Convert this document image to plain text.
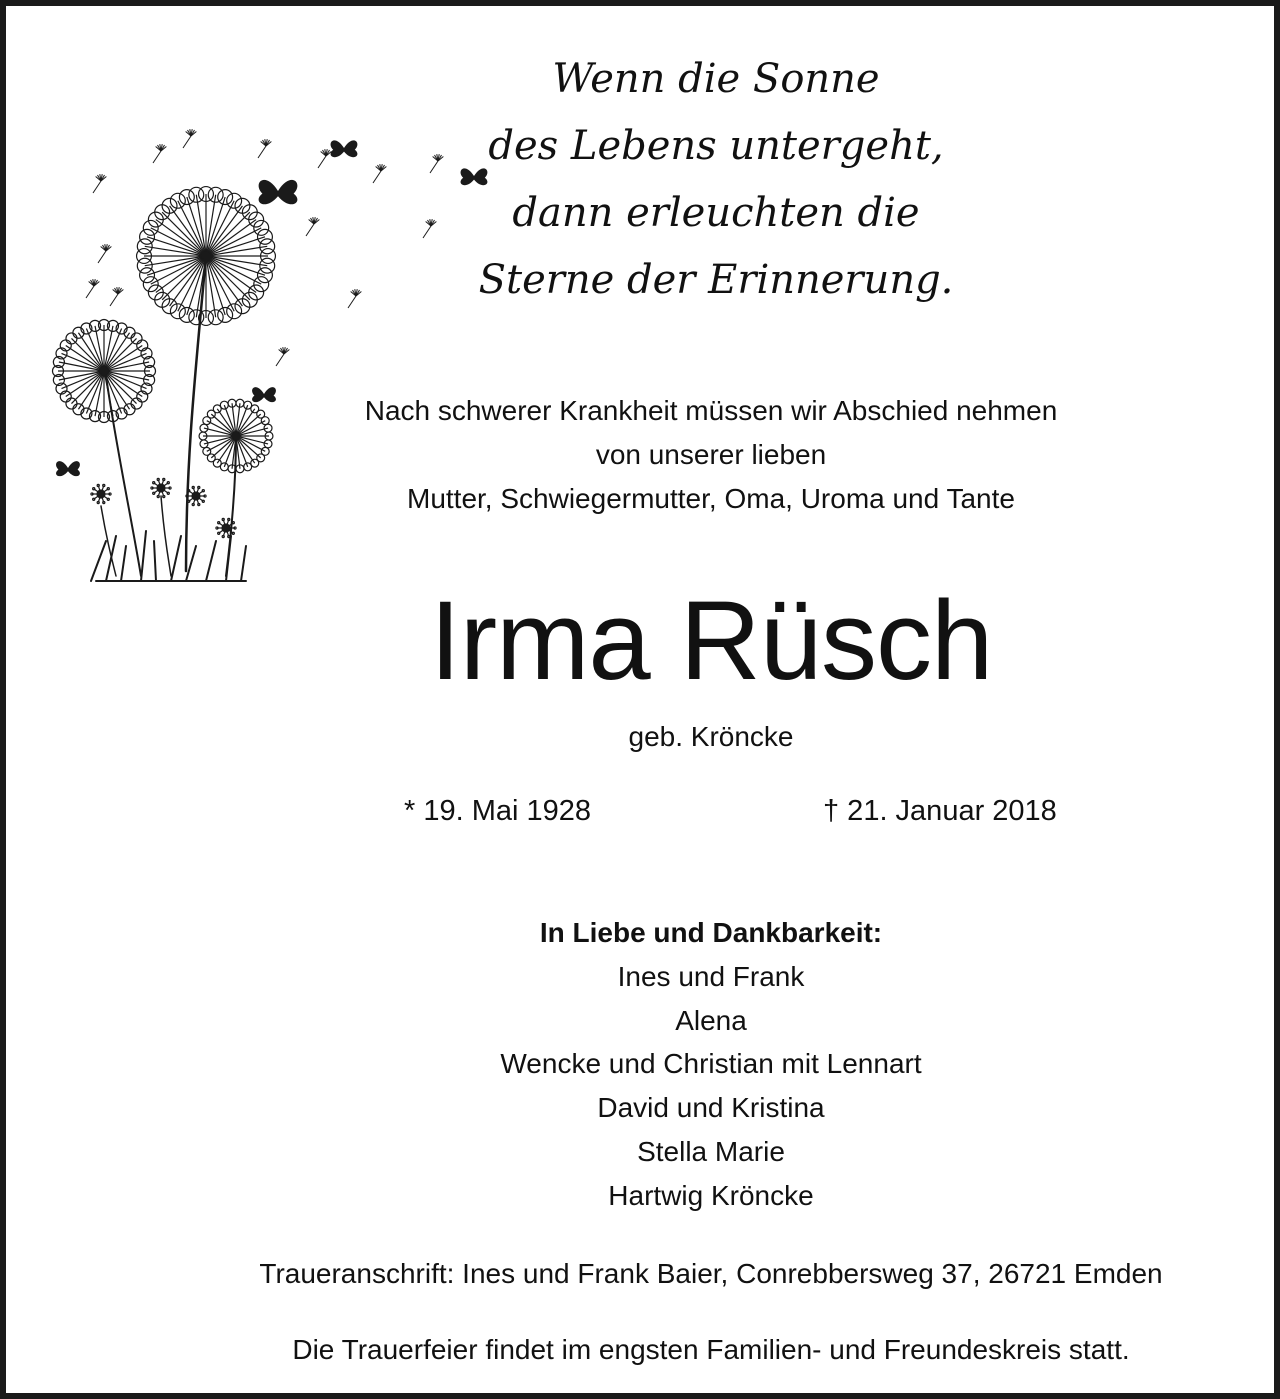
Wenn die Sonne
des Lebens untergeht,
dann erleuchten die
Sterne der Erinnerung.
Nach schwerer Krankheit müssen wir Abschied nehmen
von unserer lieben
Mutter, Schwiegermutter, Oma, Uroma und Tante
Irma Rüsch
geb. Kröncke
* 19. Mai 1928	† 21. Januar 2018
In Liebe und Dankbarkeit:
Ines und Frank
Alena
Wencke und Christian mit Lennart
David und Kristina
Stella Marie
Hartwig Kröncke
Traueranschrift: Ines und Frank Baier, Conrebbersweg 37, 26721 Emden
Die Trauerfeier findet im engsten Familien- und Freundeskreis statt.
